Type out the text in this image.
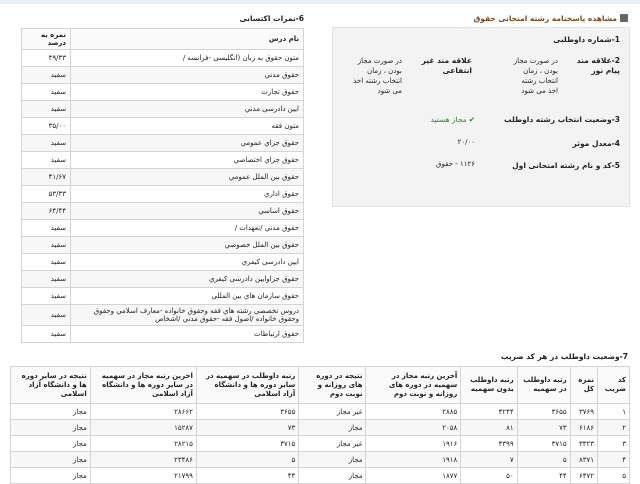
مشاهده پاسخنامه رشته امتحانی حقوق
1-شماره داوطلبی
2-علاقه مند پیام نور
در صورت مجاز بودن ، زمان انتخاب رشته اخذ می شود
علاقه مند غیر انتفاعی
در صورت مجاز بودن ، زمان انتخاب رشته اخذ می شود
3-وضعیت انتخاب رشته داوطلب
✔مجاز هستید
4-معدل موثر
۲۰/۰۰
5-کد و نام رشته امتحانی اول
۱۱۲۶ - حقوق
6-نمرات اکتسابی
نام درس	نمره به درصد
متون حقوق به زبان (انگلیسی -فرانسه /	۴۹/۳۳
حقوق مدني	سفید
حقوق تجارت	سفید
ايين دادرسی مدني	سفید
متون فقه	۳۵/۰۰
حقوق جزاي عمومي	سفید
حقوق جزاي اختصاصي	سفید
حقوق بین الملل عمومي	۴۱/۶۷
حقوق اداري	۵۳/۳۳
حقوق اساسي	۶۴/۴۴
حقوق مدني /تعهدات /	سفید
حقوق بین الملل خصوصي	سفید
ايين دادرسی کيفري	سفید
حقوق جزاوايين دادرسی کيفري	سفید
حقوق سازمان هاي بين المللي	سفید
دروس تخصصي رشته هاي فقه وحقوق خانواده -معارف اسلامي وحقوق وحقوق خانواده /اصول فقه -حقوق مدني /اشخاص	سفید
حقوق ارتباطات	سفید
7-وضعیت داوطلب در هر کد ضریب
کد ضریب	نمره کل	رتبه داوطلب در سهمیه	رتبه داوطلب بدون سهمیه	آخرین رتبه مجاز در سهمیه در دوره های روزانه و نوبت دوم	نتیجه در دوره های روزانه و نوبت دوم	رتبه داوطلب در سهمیه در سایر دوره ها و دانشگاه آزاد اسلامی	اخرین رتبه مجاز در سهمیه در سایر دوره ها و دانشگاه آزاد اسلامی	نتیجه در سایر دوره ها و دانشگاه آزاد اسلامی
۱	۳۷۶۹	۳۶۵۵	۴۲۴۴	۲۸۸۵	غیر مجاز	۳۶۵۵	۲۸۶۶۲	مجاز
۲	۶۱۸۶	۷۳	۸۱	۲۰۵۸	مجاز	۷۳	۱۵۲۸۷	مجاز
۳	۳۳۲۳	۳۷۱۵	۴۳۹۹	۱۹۱۶	غیر مجاز	۳۷۱۵	۲۸۲۱۵	مجاز
۴	۸۳۷۱	۵	۷	۱۹۱۸	مجاز	۵	۲۳۴۸۶	مجاز
۵	۶۴۷۲	۴۴	۵۰	۱۸۷۷	مجاز	۴۴	۲۱۷۹۹	مجاز
